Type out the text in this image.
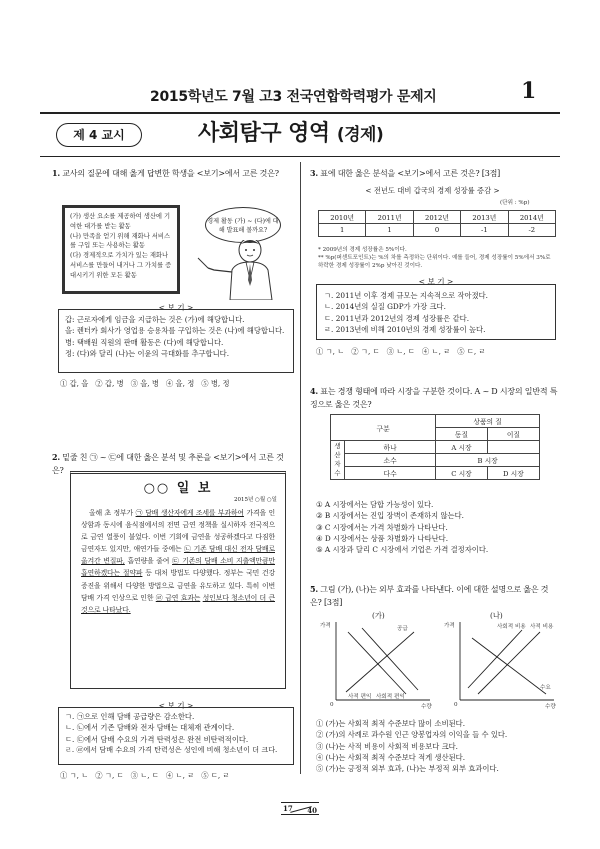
2015학년도 7월 고3 전국연합학력평가 문제지	1
제 4 교시	사회탐구 영역 (경제)
1. 교사의 질문에 대해 옳게 답변한 학생을 <보기>에서 고른 것은?
(가) 생산 요소를 제공하여 생산에 기여한 대가를 받는 활동
(나) 만족을 얻기 위해 재화나 서비스를 구입 또는 사용하는 활동
(다) 경제적으로 가치가 있는 재화나 서비스를 만들어 내거나 그 가치를 증대시키기 위한 모든 활동
경제 활동 (가) ~ (다)에 대해 발표해 볼까요?
< 보 기 >
갑: 근로자에게 임금을 지급하는 것은 (가)에 해당합니다.
을: 렌터카 회사가 영업용 승용차를 구입하는 것은 (나)에 해당합니다.
병: 택배원 직원의 판매 활동은 (다)에 해당합니다.
정: (다)와 달리 (나)는 이윤의 극대화를 추구합니다.
① 갑, 을   ② 갑, 병   ③ 을, 병   ④ 을, 정   ⑤ 병, 정
2. 밑줄 친 ㉠ ~ ㉢에 대한 옳은 분석 및 추론을 <보기>에서 고른 것은?
○○ 일 보
2015년 ○월 ○일
올해 초 정부가 ㉠ 담배 생산자에게 조세를 부과하여 가격을 인상함과 동시에 음식점에서의 전면 금연 정책을 실시하자 전국적으로 금연 열풍이 불었다. 이번 기회에 금연을 성공하겠다고 다짐한 금연자도 있지만, 애연가들 중에는 ㉡ 기존 담배 대신 전자 담배로 옮겨간 변질파, 흡연량을 줄여 ㉢ 기존의 담배 소비 지출액만큼만 흡연하겠다는 절약파 등 대처 방법도 다양했다. 정부는 국민 건강 증진을 위해서 다양한 방법으로 금연을 유도하고 있다. 특히 이번 담배 가격 인상으로 인한 ㉣ 금연 효과는 성인보다 청소년이 더 큰 것으로 나타났다.
< 보 기 >
ㄱ. ㉠으로 인해 담배 공급량은 감소한다.
ㄴ. ㉡에서 기존 담배와 전자 담배는 대체재 관계이다.
ㄷ. ㉢에서 담배 수요의 가격 탄력성은 완전 비탄력적이다.
ㄹ. ㉣에서 담배 수요의 가격 탄력성은 성인에 비해 청소년이 더 크다.
① ㄱ, ㄴ   ② ㄱ, ㄷ   ③ ㄴ, ㄷ   ④ ㄴ, ㄹ   ⑤ ㄷ, ㄹ
3. 표에 대한 옳은 분석을 <보기>에서 고른 것은? [3점]
< 전년도 대비 갑국의 경제 성장률 증감 >
(단위 : %p)
2010년	2011년	2012년	2013년	2014년
1	1	0	-1	-2
* 2009년의 경제 성장률은 5%이다.
** %p(퍼센트포인트)는 %의 차를 측정하는 단위이다. 예를 들어, 경제 성장률이 5%에서 3%로 하락한 경제 성장률이 2%p 낮아진 것이다.
< 보 기 >
ㄱ. 2011년 이후 경제 규모는 지속적으로 작아졌다.
ㄴ. 2014년의 실질 GDP가 가장 크다.
ㄷ. 2011년과 2012년의 경제 성장률은 같다.
ㄹ. 2013년에 비해 2010년의 경제 성장률이 높다.
① ㄱ, ㄴ   ② ㄱ, ㄷ   ③ ㄴ, ㄷ   ④ ㄴ, ㄹ   ⑤ ㄷ, ㄹ
4. 표는 경쟁 형태에 따라 시장을 구분한 것이다. A ~ D 시장의 일반적 특징으로 옳은 것은?
구분		상품의 질	
		동질	이질
생산자수	하나	A 시장	
	소수	B 시장	
	다수	C 시장	D 시장
① A 시장에서는 담합 가능성이 있다.
② B 시장에서는 진입 장벽이 존재하지 않는다.
③ C 시장에서는 가격 차별화가 나타난다.
④ D 시장에서는 상품 차별화가 나타난다.
⑤ A 시장과 달리 C 시장에서 기업은 가격 결정자이다.
5. 그림 (가), (나)는 외부 효과를 나타낸다. 이에 대한 설명으로 옳은 것은? [3점]
(가)
가격	공급
사적 편익 사회적 편익
0	수량
(나)
가격	사회적 비용 사적 비용
수요
0	수량
① (가)는 사회적 최적 수준보다 많이 소비된다.
② (가)의 사례로 과수원 인근 양봉업자의 이익을 들 수 있다.
③ (나)는 사적 비용이 사회적 비용보다 크다.
④ (나)는 사회적 최적 수준보다 적게 생산된다.
⑤ (가)는 긍정적 외부 효과, (나)는 부정적 외부 효과이다.
17 40
